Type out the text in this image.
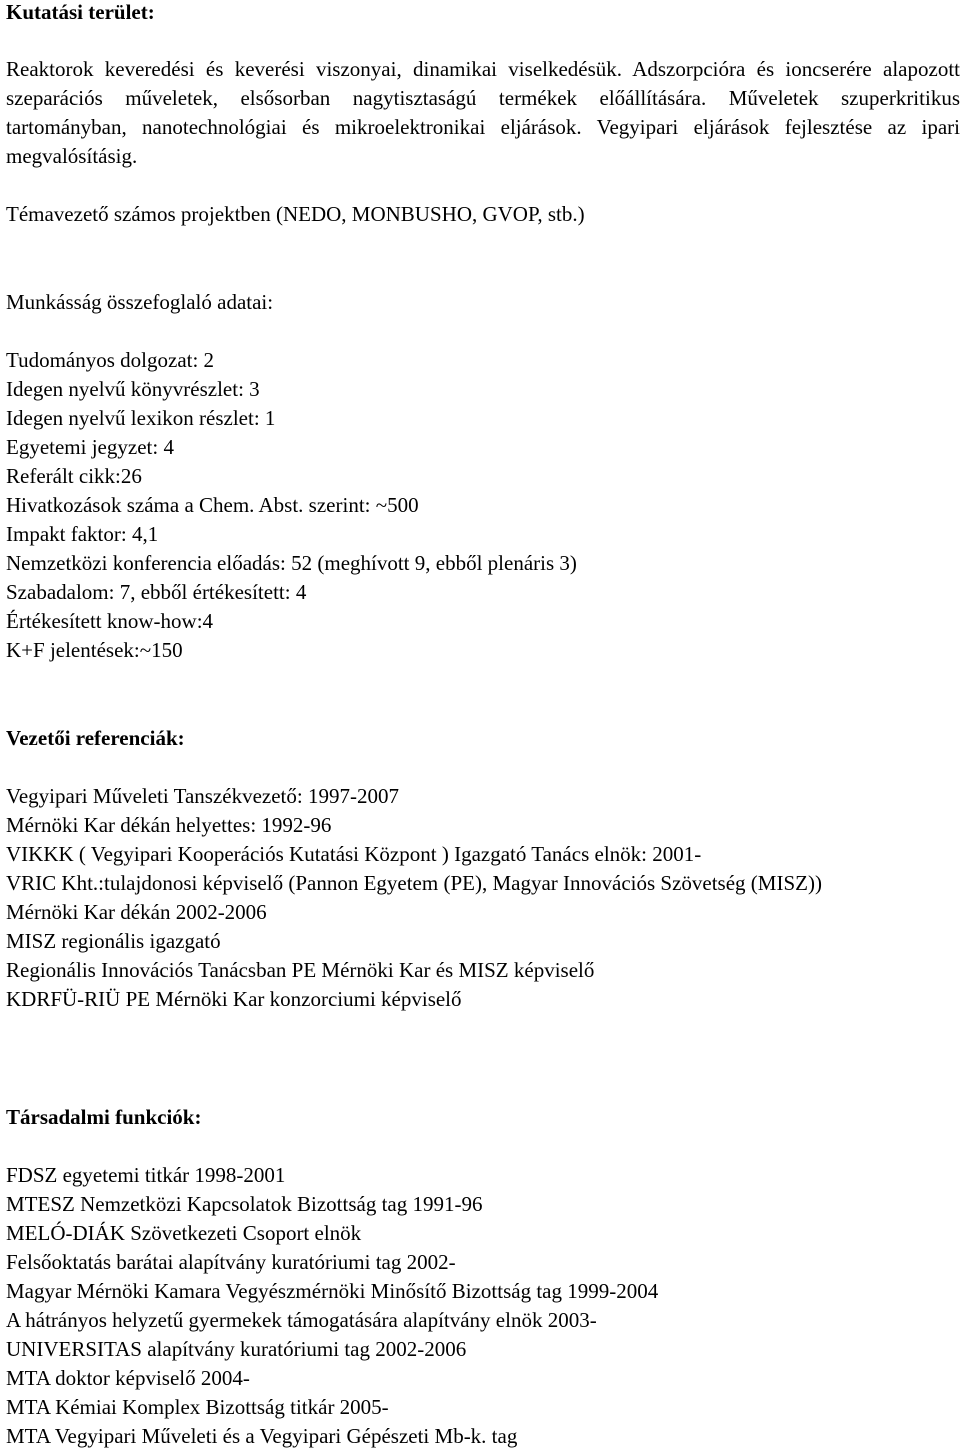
Kutatási terület:

Reaktorok keveredési és keverési viszonyai, dinamikai viselkedésük. Adszorpcióra és ioncserére alapozott szeparációs műveletek, elsősorban nagytisztaságú termékek előállítására. Műveletek szuperkritikus tartományban, nanotechnológiai és mikroelektronikai eljárások. Vegyipari eljárások fejlesztése az ipari megvalósításig.

Témavezető számos projektben (NEDO, MONBUSHO, GVOP, stb.)

Munkásság összefoglaló adatai:

Tudományos dolgozat: 2

Idegen nyelvű könyvrészlet: 3

Idegen nyelvű lexikon részlet: 1

Egyetemi jegyzet: 4

Referált cikk:26

Hivatkozások száma a Chem. Abst. szerint: ~500

Impakt faktor: 4,1

Nemzetközi konferencia előadás: 52 (meghívott 9, ebből plenáris 3)

Szabadalom: 7, ebből értékesített: 4

Értékesített know-how:4

K+F jelentések:~150

Vezetői referenciák:

Vegyipari Műveleti Tanszékvezető: 1997-2007

Mérnöki Kar dékán helyettes: 1992-96

VIKKK ( Vegyipari Kooperációs Kutatási Központ ) Igazgató Tanács elnök: 2001-

VRIC Kht.:tulajdonosi képviselő (Pannon Egyetem (PE), Magyar Innovációs Szövetség (MISZ))

Mérnöki Kar dékán 2002-2006

MISZ regionális igazgató

Regionális Innovációs Tanácsban PE Mérnöki Kar és MISZ képviselő

KDRFÜ-RIÜ PE Mérnöki Kar konzorciumi képviselő

Társadalmi funkciók:

FDSZ egyetemi titkár 1998-2001

MTESZ Nemzetközi Kapcsolatok Bizottság tag 1991-96

MELÓ-DIÁK Szövetkezeti Csoport elnök

Felsőoktatás barátai alapítvány kuratóriumi tag 2002-

Magyar Mérnöki Kamara Vegyészmérnöki Minősítő Bizottság tag 1999-2004

A hátrányos helyzetű gyermekek támogatására alapítvány elnök 2003-

UNIVERSITAS alapítvány kuratóriumi tag 2002-2006

MTA doktor képviselő 2004-

MTA Kémiai Komplex Bizottság titkár 2005-

MTA Vegyipari Műveleti és a Vegyipari Gépészeti Mb-k. tag
